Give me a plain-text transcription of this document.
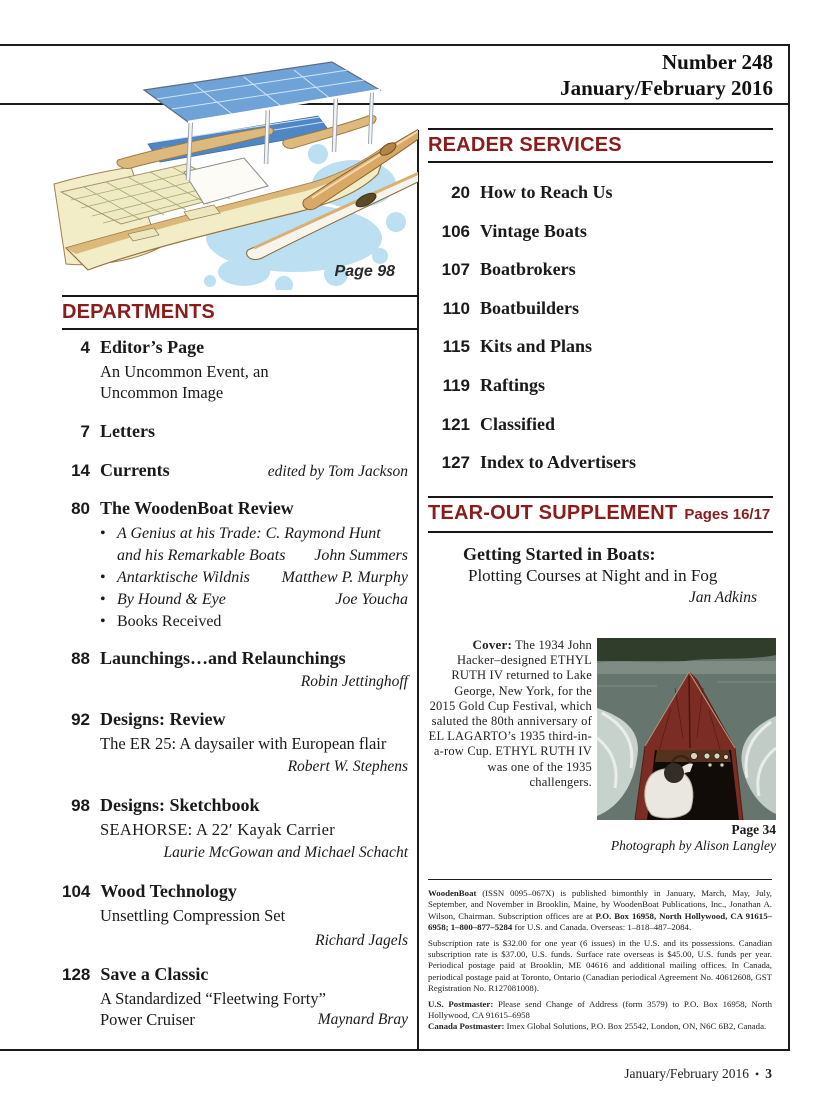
Number 248
January/February 2016
Page 98
DEPARTMENTS
4 Editor’s Page
An Uncommon Event, an
Uncommon Image
7 Letters
14 Currents	edited by Tom Jackson
80 The WoodenBoat Review
• A Genius at his Trade: C. Raymond Hunt
and his Remarkable Boats	John Summers
• Antarktische Wildnis	Matthew P. Murphy
• By Hound & Eye	Joe Youcha
• Books Received
88 Launchings…and Relaunchings
Robin Jettinghoff
92 Designs: Review
The ER 25: A daysailer with European flair
Robert W. Stephens
98 Designs: Sketchbook
SEAHORSE: A 22′ Kayak Carrier
Laurie McGowan and Michael Schacht
104 Wood Technology
Unsettling Compression Set
Richard Jagels
128 Save a Classic
A Standardized “Fleetwing Forty”
Power Cruiser	Maynard Bray
READER SERVICES
20 How to Reach Us
106 Vintage Boats
107 Boatbrokers
110 Boatbuilders
115 Kits and Plans
119 Raftings
121 Classified
127 Index to Advertisers
TEAR-OUT SUPPLEMENT Pages 16/17
Getting Started in Boats:
Plotting Courses at Night and in Fog
Jan Adkins
Cover: The 1934 John Hacker–designed ETHYL RUTH IV returned to Lake George, New York, for the 2015 Gold Cup Festival, which saluted the 80th anniversary of EL LAGARTO’s 1935 third-in-a-row Cup. ETHYL RUTH IV was one of the 1935 challengers.
Page 34
Photograph by Alison Langley

WoodenBoat (ISSN 0095–067X) is published bimonthly in January, March, May, July, September, and November in Brooklin, Maine, by WoodenBoat Publications, Inc., Jonathan A. Wilson, Chairman. Subscription offices are at P.O. Box 16958, North Hollywood, CA 91615–6958; 1–800–877–5284 for U.S. and Canada. Overseas: 1–818–487–2084.

Subscription rate is $32.00 for one year (6 issues) in the U.S. and its possessions. Canadian subscription rate is $37.00, U.S. funds. Surface rate overseas is $45.00, U.S. funds per year. Periodical postage paid at Brooklin, ME 04616 and additional mailing offices. In Canada, periodical postage paid at Toronto, Ontario (Canadian periodical Agreement No. 40612608, GST Registration No. R127081008).

U.S. Postmaster: Please send Change of Address (form 3579) to P.O. Box 16958, North Hollywood, CA 91615–6958

Canada Postmaster: Imex Global Solutions, P.O. Box 25542, London, ON, N6C 6B2, Canada.

January/February 2016 • 3
